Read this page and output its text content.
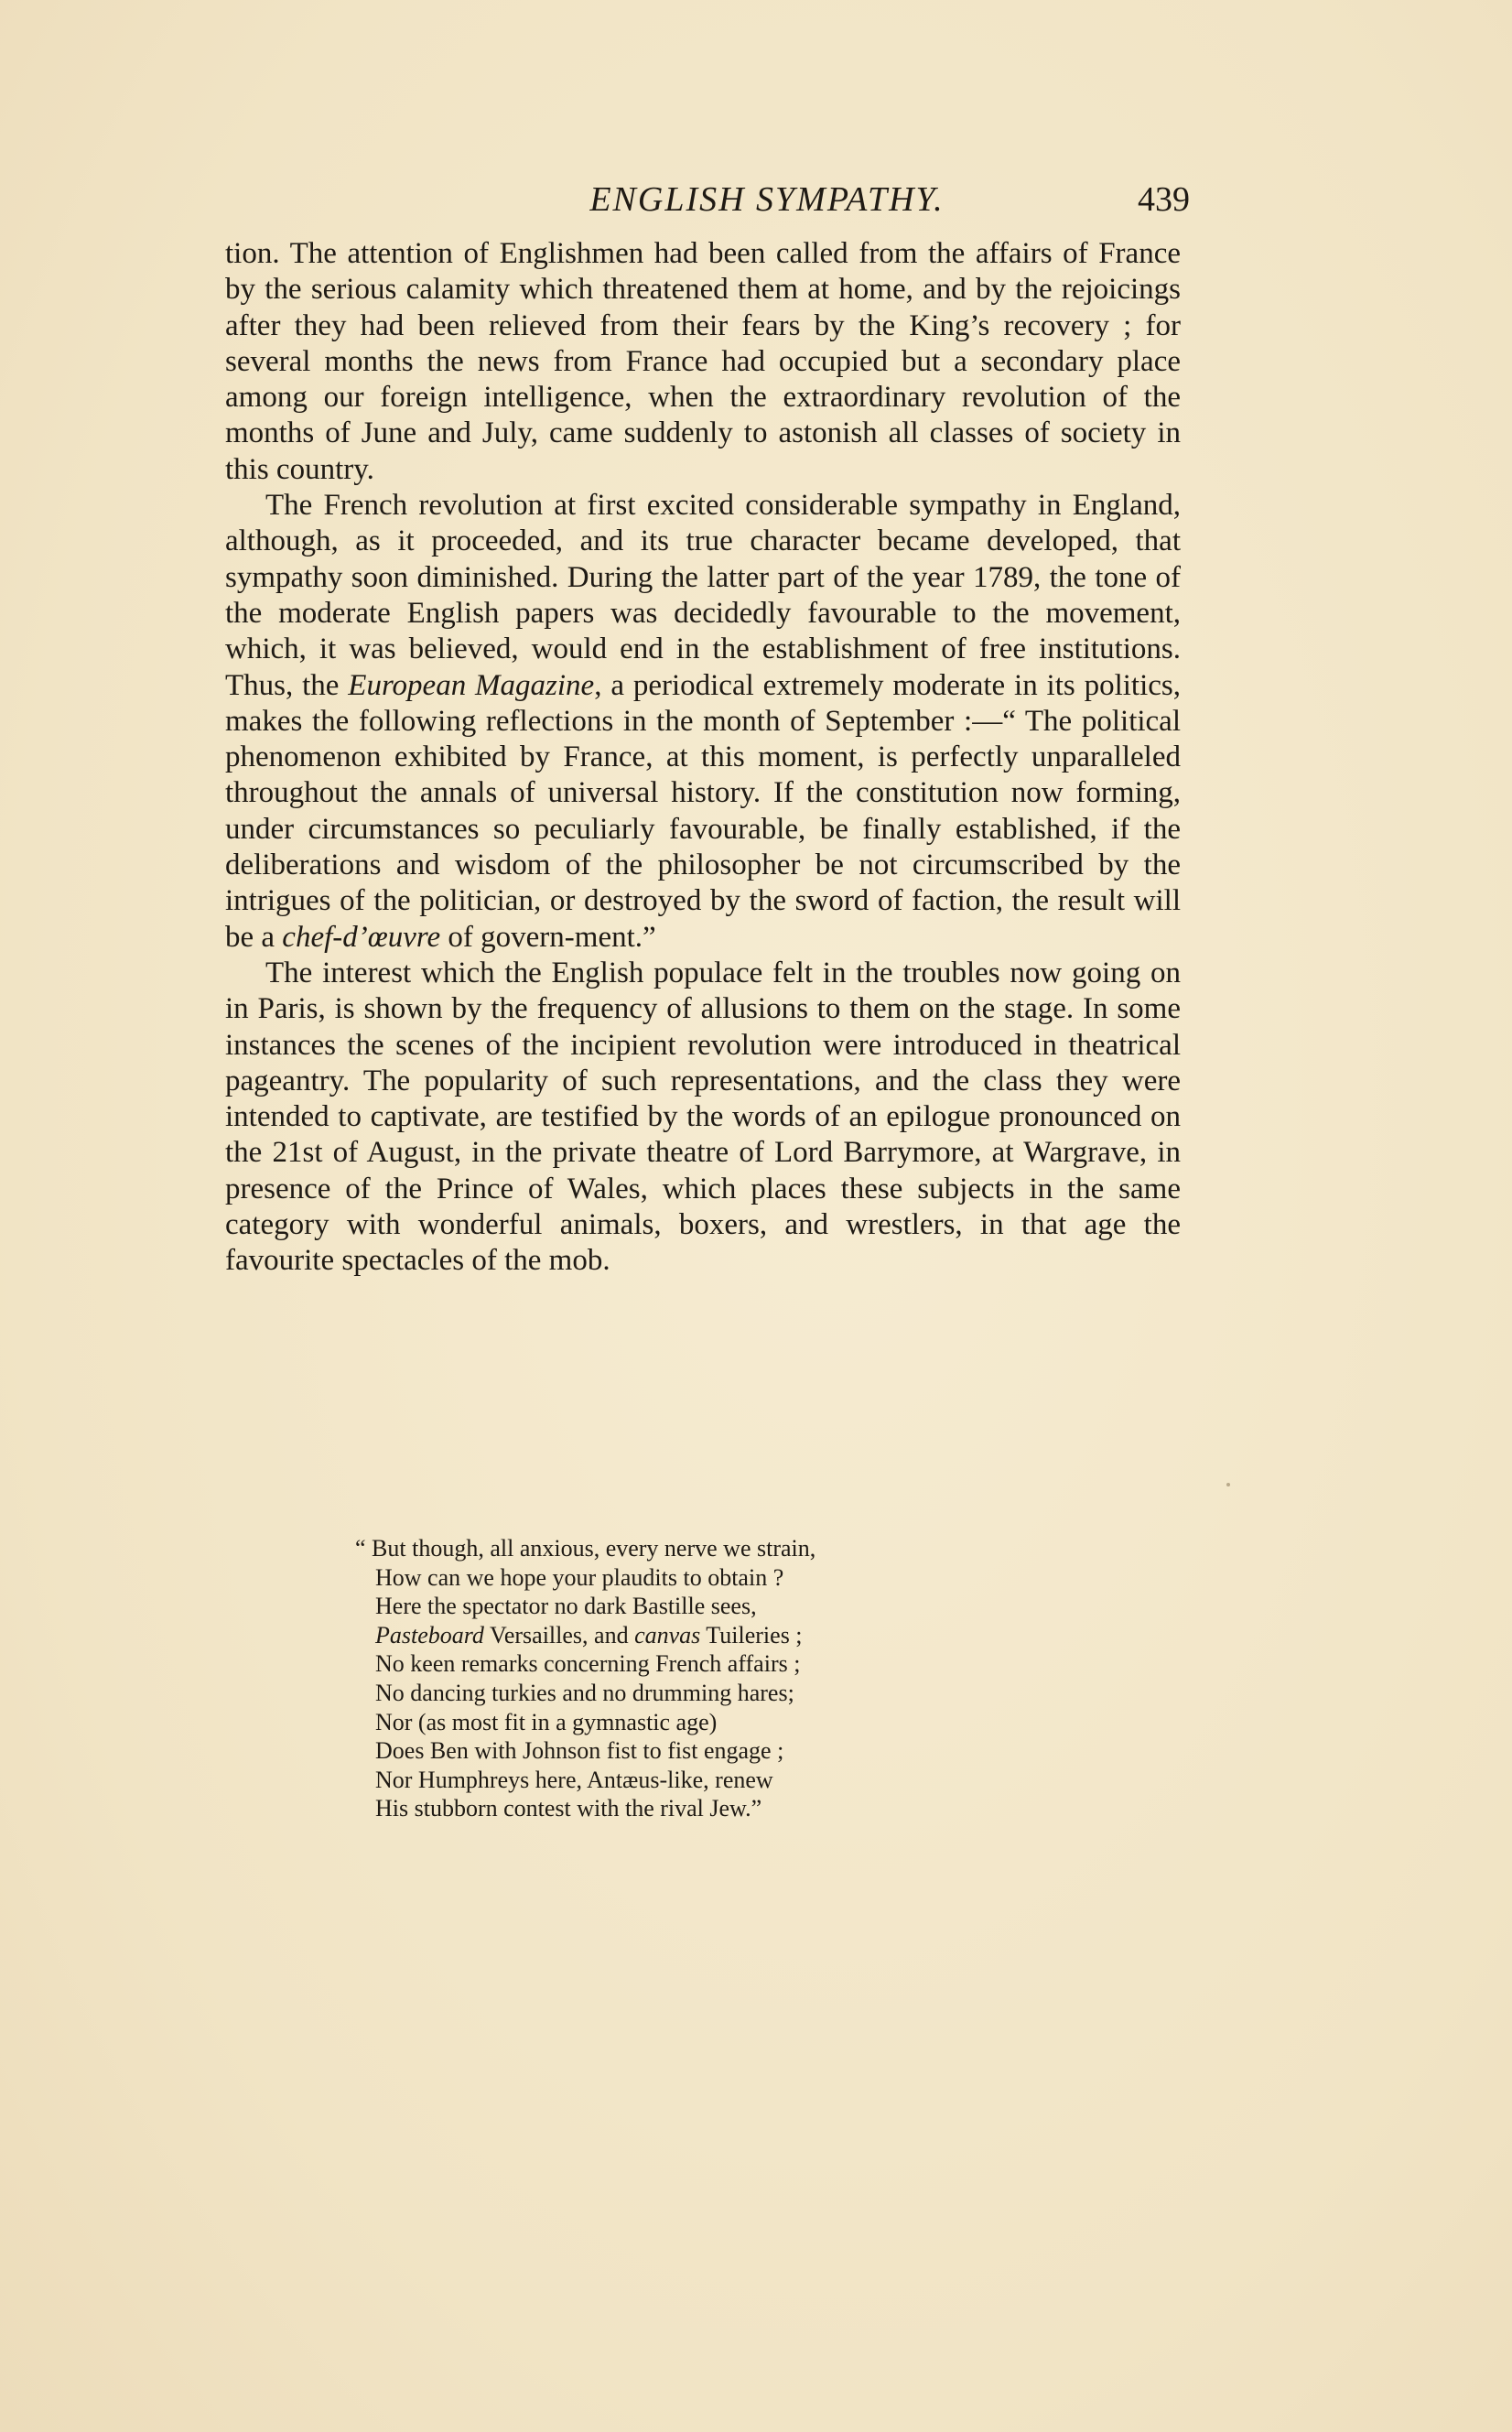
ENGLISH SYMPATHY.	439

tion. The attention of Englishmen had been called from the affairs of France by the serious calamity which threatened them at home, and by the rejoicings after they had been relieved from their fears by the King’s recovery ; for several months the news from France had occupied but a secondary place among our foreign intelligence, when the extraordinary revolution of the months of June and July, came suddenly to astonish all classes of society in this country.

The French revolution at first excited considerable sympathy in England, although, as it proceeded, and its true character became developed, that sympathy soon diminished. During the latter part of the year 1789, the tone of the moderate English papers was decidedly favourable to the movement, which, it was believed, would end in the establishment of free institutions. Thus, the European Magazine, a periodical extremely moderate in its politics, makes the following reflections in the month of September :—“ The political phenomenon exhibited by France, at this moment, is perfectly unparalleled throughout the annals of universal history. If the constitution now forming, under circumstances so peculiarly favourable, be finally established, if the deliberations and wisdom of the philosopher be not circumscribed by the intrigues of the politician, or destroyed by the sword of faction, the result will be a chef-d’œuvre of govern-ment.”

The interest which the English populace felt in the troubles now going on in Paris, is shown by the frequency of allusions to them on the stage. In some instances the scenes of the incipient revolution were introduced in theatrical pageantry. The popularity of such representations, and the class they were intended to captivate, are testified by the words of an epilogue pronounced on the 21st of August, in the private theatre of Lord Barrymore, at Wargrave, in presence of the Prince of Wales, which places these subjects in the same category with wonderful animals, boxers, and wrestlers, in that age the favourite spectacles of the mob.

“ But though, all anxious, every nerve we strain,
How can we hope your plaudits to obtain ?
Here the spectator no dark Bastille sees,
Pasteboard Versailles, and canvas Tuileries ;
No keen remarks concerning French affairs ;
No dancing turkies and no drumming hares;
Nor (as most fit in a gymnastic age)
Does Ben with Johnson fist to fist engage ;
Nor Humphreys here, Antæus-like, renew
His stubborn contest with the rival Jew.”
